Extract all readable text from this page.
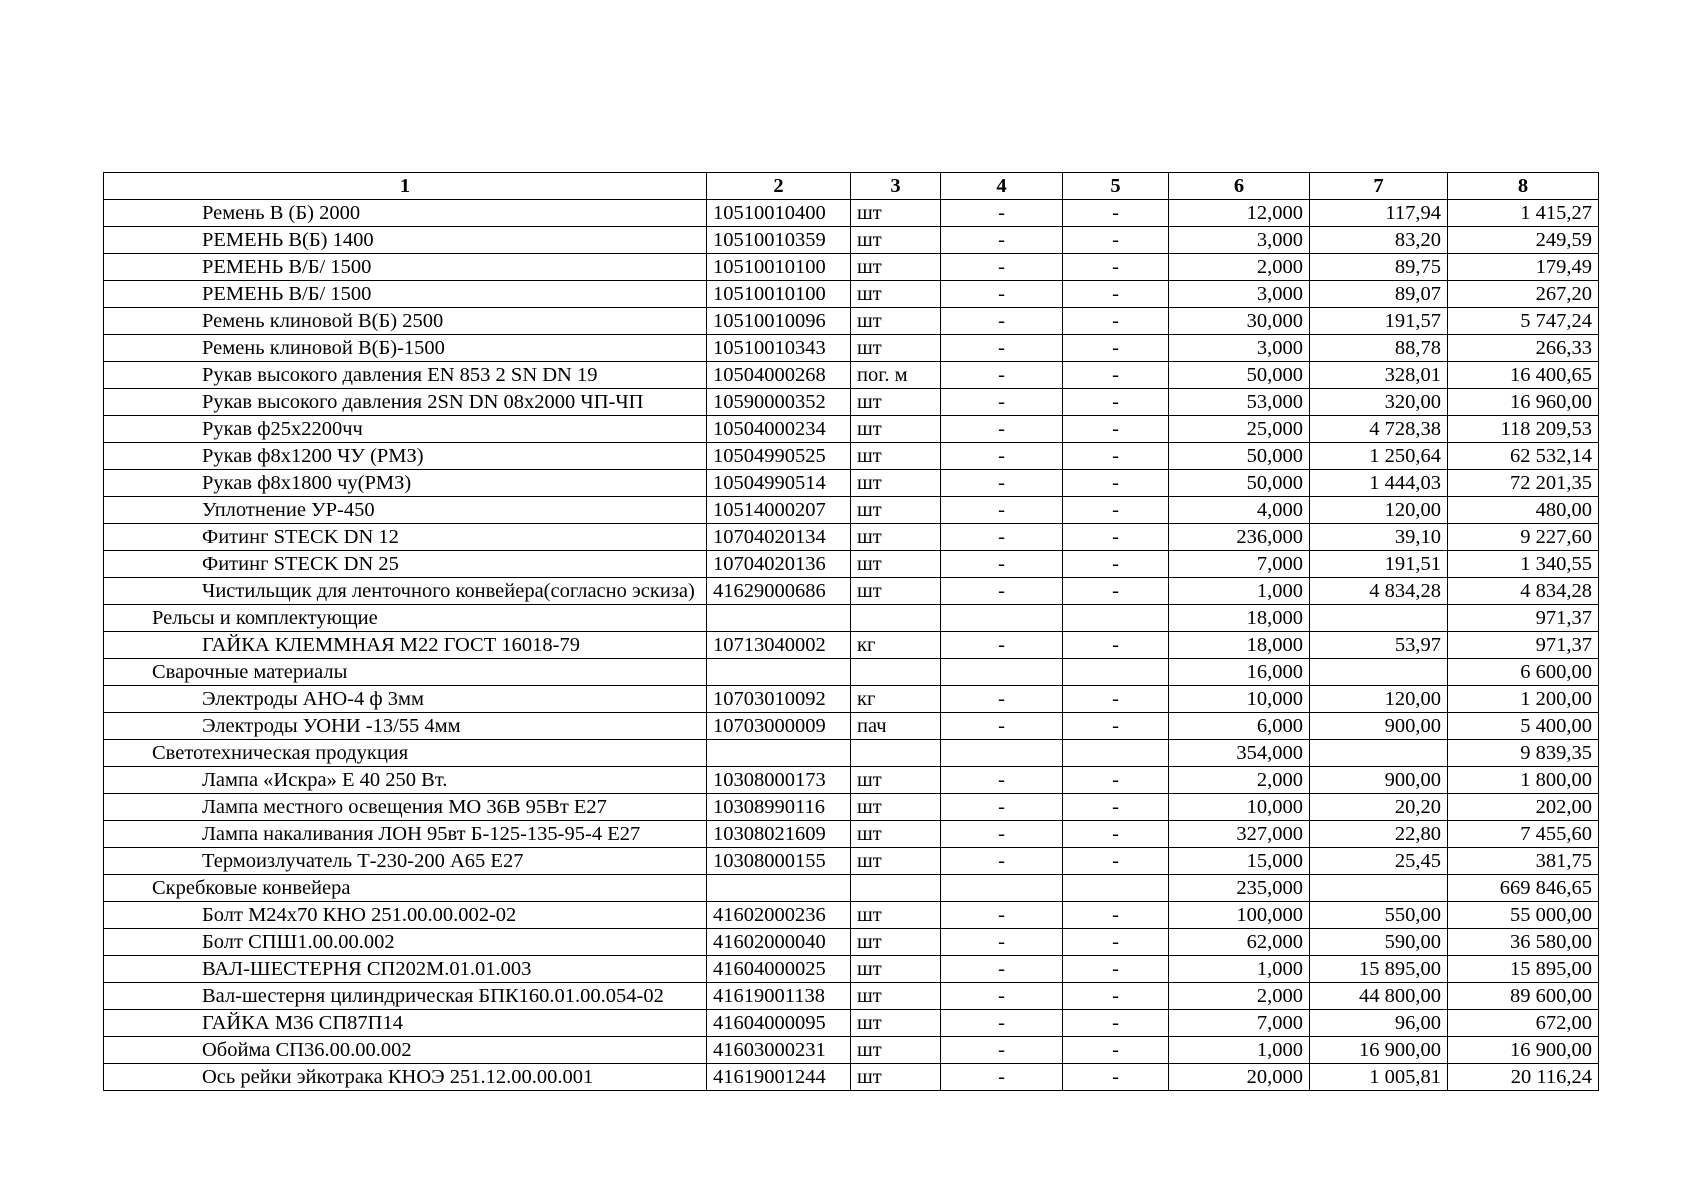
1	2	3	4	5	6	7	8
Ремень В (Б) 2000	10510010400	шт	-	-	12,000	117,94	1 415,27
РЕМЕНЬ В(Б) 1400	10510010359	шт	-	-	3,000	83,20	249,59
РЕМЕНЬ В/Б/ 1500	10510010100	шт	-	-	2,000	89,75	179,49
РЕМЕНЬ В/Б/ 1500	10510010100	шт	-	-	3,000	89,07	267,20
Ремень клиновой В(Б) 2500	10510010096	шт	-	-	30,000	191,57	5 747,24
Ремень клиновой В(Б)-1500	10510010343	шт	-	-	3,000	88,78	266,33
Рукав высокого давления EN 853 2 SN DN 19	10504000268	пог. м	-	-	50,000	328,01	16 400,65
Рукав высокого давления 2SN DN 08х2000 ЧП-ЧП	10590000352	шт	-	-	53,000	320,00	16 960,00
Рукав ф25х2200чч	10504000234	шт	-	-	25,000	4 728,38	118 209,53
Рукав ф8х1200 ЧУ (РМЗ)	10504990525	шт	-	-	50,000	1 250,64	62 532,14
Рукав ф8х1800 чу(РМЗ)	10504990514	шт	-	-	50,000	1 444,03	72 201,35
Уплотнение УР-450	10514000207	шт	-	-	4,000	120,00	480,00
Фитинг STECK DN 12	10704020134	шт	-	-	236,000	39,10	9 227,60
Фитинг STECK DN 25	10704020136	шт	-	-	7,000	191,51	1 340,55
Чистильщик для ленточного конвейера(согласно эскиза)	41629000686	шт	-	-	1,000	4 834,28	4 834,28
Рельсы и комплектующие					18,000		971,37
ГАЙКА КЛЕММНАЯ М22 ГОСТ 16018-79	10713040002	кг	-	-	18,000	53,97	971,37
Сварочные материалы					16,000		6 600,00
Электроды АНО-4 ф 3мм	10703010092	кг	-	-	10,000	120,00	1 200,00
Электроды УОНИ -13/55 4мм	10703000009	пач	-	-	6,000	900,00	5 400,00
Светотехническая продукция					354,000		9 839,35
Лампа «Искра» Е 40 250 Вт.	10308000173	шт	-	-	2,000	900,00	1 800,00
Лампа местного освещения МО 36В 95Вт Е27	10308990116	шт	-	-	10,000	20,20	202,00
Лампа накаливания ЛОН 95вт Б-125-135-95-4 Е27	10308021609	шт	-	-	327,000	22,80	7 455,60
Термоизлучатель Т-230-200 А65 Е27	10308000155	шт	-	-	15,000	25,45	381,75
Скребковые конвейера					235,000		669 846,65
Болт М24х70 КНО 251.00.00.002-02	41602000236	шт	-	-	100,000	550,00	55 000,00
Болт СПШ1.00.00.002	41602000040	шт	-	-	62,000	590,00	36 580,00
ВАЛ-ШЕСТЕРНЯ СП202М.01.01.003	41604000025	шт	-	-	1,000	15 895,00	15 895,00
Вал-шестерня цилиндрическая БПК160.01.00.054-02	41619001138	шт	-	-	2,000	44 800,00	89 600,00
ГАЙКА М36 СП87П14	41604000095	шт	-	-	7,000	96,00	672,00
Обойма СП36.00.00.002	41603000231	шт	-	-	1,000	16 900,00	16 900,00
Ось рейки эйкотрака КНОЭ 251.12.00.00.001	41619001244	шт	-	-	20,000	1 005,81	20 116,24
